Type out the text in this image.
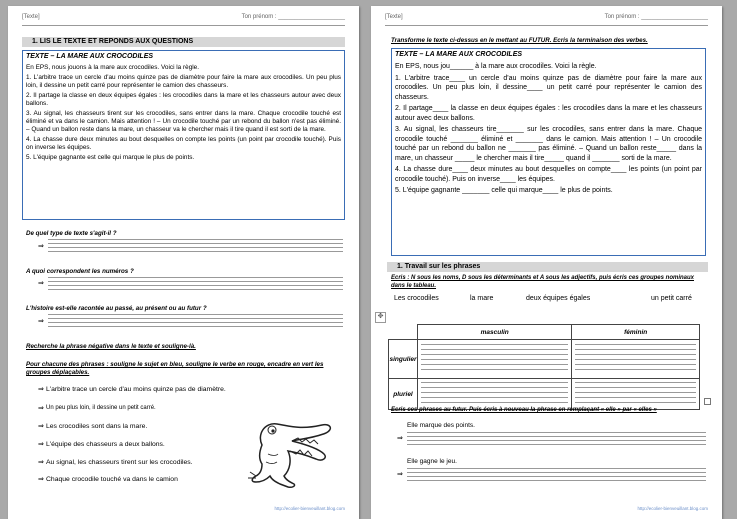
[Texte]	Ton prénom : ____________________
1. LIS LE TEXTE ET REPONDS AUX QUESTIONS

TEXTE – LA MARE AUX CROCODILES

En EPS, nous jouons à la mare aux crocodiles. Voici la règle.

1. L'arbitre trace un cercle d'au moins quinze pas de diamètre pour faire la mare aux crocodiles. Un peu plus loin, il dessine un petit carré pour représenter le camion des chasseurs.

2. Il partage la classe en deux équipes égales : les crocodiles dans la mare et les chasseurs autour avec deux ballons.

3. Au signal, les chasseurs tirent sur les crocodiles, sans entrer dans la mare. Chaque crocodile touché est éliminé et va dans le camion. Mais attention ! – Un crocodile touché par un rebond du ballon n'est pas éliminé. – Quand un ballon reste dans la mare, un chasseur va le chercher mais il tire quand il est sorti de la mare.

4. La chasse dure deux minutes au bout desquelles on compte les points (un point par crocodile touché). Puis on inverse les équipes.

5. L'équipe gagnante est celle qui marque le plus de points.

De quel type de texte s'agit-il ?
⇒
A quoi correspondent les numéros ?
⇒
L'histoire est-elle racontée au passé, au présent ou au futur ?
⇒
Recherche la phrase négative dans le texte et souligne-là.
Pour chacune des phrases : souligne le sujet en bleu, souligne le verbe en rouge, encadre en vert les groupes déplaçables.
⇒ L'arbitre trace un cercle d'au moins quinze pas de diamètre.
⇒ Un peu plus loin, il dessine un petit carré.
⇒ Les crocodiles sont dans la mare.
⇒ L'équipe des chasseurs a deux ballons.
⇒ Au signal, les chasseurs tirent sur les crocodiles.
⇒ Chaque crocodile touché va dans le camion
http://ecolier-bienveuillant.blog.com
[Texte]	Ton prénom : ____________________
Transforme le texte ci-dessus en le mettant au FUTUR. Ecris la terminaison des verbes.

TEXTE – LA MARE AUX CROCODILES

En EPS, nous jou______ à la mare aux crocodiles. Voici la règle.

1. L'arbitre trace____ un cercle d'au moins quinze pas de diamètre pour faire la mare aux crocodiles. Un peu plus loin, il dessine____ un petit carré pour représenter le camion des chasseurs.

2. Il partage____ la classe en deux équipes égales : les crocodiles dans la mare et les chasseurs autour avec deux ballons.

3. Au signal, les chasseurs tire_______ sur les crocodiles, sans entrer dans la mare. Chaque crocodile touché _______ éliminé et _______ dans le camion. Mais attention ! – Un crocodile touché par un rebond du ballon ne _______ pas éliminé. – Quand un ballon reste_____ dans la mare, un chasseur _____ le chercher mais il tire_____ quand il _______ sorti de la mare.

4. La chasse dure____ deux minutes au bout desquelles on compte____ les points (un point par crocodile touché). Puis on inverse____ les équipes.

5. L'équipe gagnante _______ celle qui marque____ le plus de points.

1. Travail sur les phrases
Ecris : N sous les noms, D sous les déterminants et A sous les adjectifs, puis écris ces groupes nominaux dans le tableau.
Les crocodiles	la mare	deux équipes égales	un petit carré
✥
	masculin	féminin
singulier	

pluriel	

Ecris ces phrases au futur. Puis écris à nouveau la phrase en remplaçant « elle » par « elles »
Elle marque des points.
⇒
Elle gagne le jeu.
⇒
http://ecolier-bienveuillant.blog.com
